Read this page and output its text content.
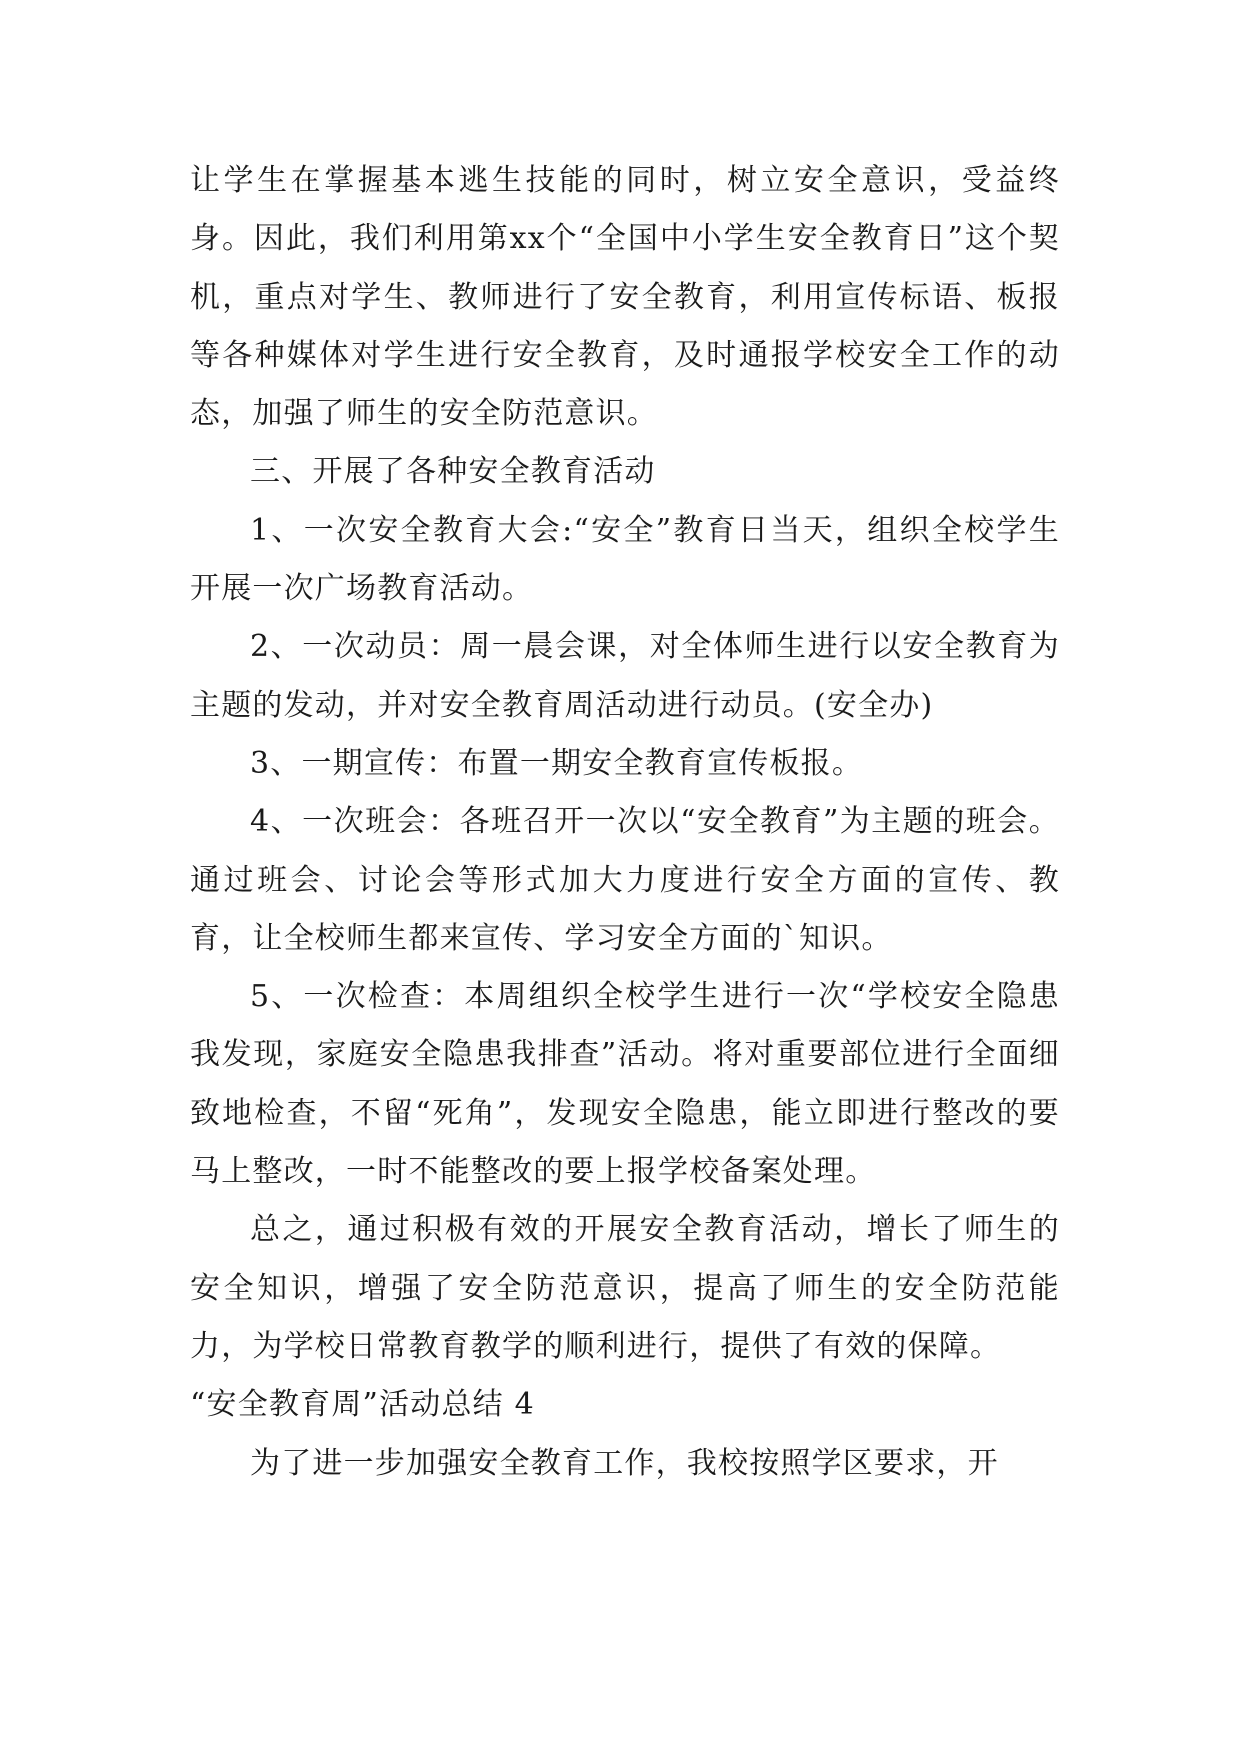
让学生在掌握基本逃生技能的同时，树立安全意识，受益终身。因此，我们利用第xx个“全国中小学生安全教育日”这个契机，重点对学生、教师进行了安全教育，利用宣传标语、板报等各种媒体对学生进行安全教育，及时通报学校安全工作的动态，加强了师生的安全防范意识。

三、开展了各种安全教育活动

1、一次安全教育大会:“安全”教育日当天，组织全校学生开展一次广场教育活动。

2、一次动员：周一晨会课，对全体师生进行以安全教育为主题的发动，并对安全教育周活动进行动员。(安全办)

3、一期宣传：布置一期安全教育宣传板报。

4、一次班会：各班召开一次以“安全教育”为主题的班会。通过班会、讨论会等形式加大力度进行安全方面的宣传、教育，让全校师生都来宣传、学习安全方面的`知识。

5、一次检查：本周组织全校学生进行一次“学校安全隐患我发现，家庭安全隐患我排查”活动。将对重要部位进行全面细致地检查，不留“死角”，发现安全隐患，能立即进行整改的要马上整改，一时不能整改的要上报学校备案处理。

总之，通过积极有效的开展安全教育活动，增长了师生的安全知识，增强了安全防范意识，提高了师生的安全防范能力，为学校日常教育教学的顺利进行，提供了有效的保障。

“安全教育周”活动总结 4

为了进一步加强安全教育工作，我校按照学区要求，开
